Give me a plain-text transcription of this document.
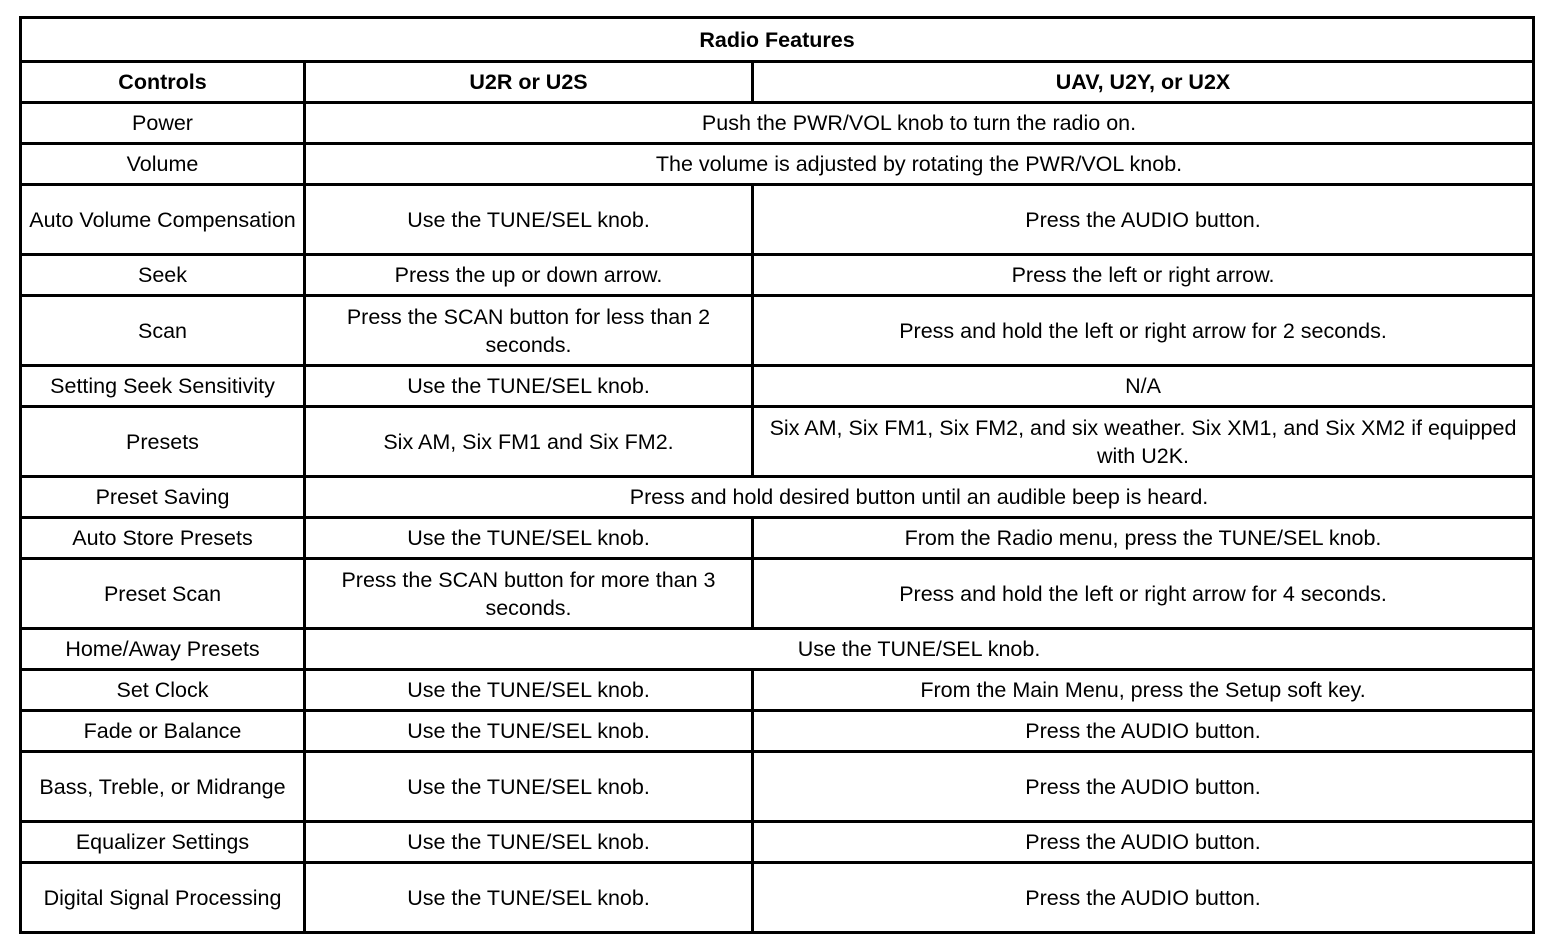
Radio Features		
Controls	U2R or U2S	UAV, U2Y, or U2X
Power	Push the PWR/VOL knob to turn the radio on.	
Volume	The volume is adjusted by rotating the PWR/VOL knob.	
Auto Volume Compensation	Use the TUNE/SEL knob.	Press the AUDIO button.
Seek	Press the up or down arrow.	Press the left or right arrow.
Scan	Press the SCAN button for less than 2 seconds.	Press and hold the left or right arrow for 2 seconds.
Setting Seek Sensitivity	Use the TUNE/SEL knob.	N/A
Presets	Six AM, Six FM1 and Six FM2.	Six AM, Six FM1, Six FM2, and six weather. Six XM1, and Six XM2 if equipped with U2K.
Preset Saving	Press and hold desired button until an audible beep is heard.	
Auto Store Presets	Use the TUNE/SEL knob.	From the Radio menu, press the TUNE/SEL knob.
Preset Scan	Press the SCAN button for more than 3 seconds.	Press and hold the left or right arrow for 4 seconds.
Home/Away Presets	Use the TUNE/SEL knob.	
Set Clock	Use the TUNE/SEL knob.	From the Main Menu, press the Setup soft key.
Fade or Balance	Use the TUNE/SEL knob.	Press the AUDIO button.
Bass, Treble, or Midrange	Use the TUNE/SEL knob.	Press the AUDIO button.
Equalizer Settings	Use the TUNE/SEL knob.	Press the AUDIO button.
Digital Signal Processing	Use the TUNE/SEL knob.	Press the AUDIO button.
